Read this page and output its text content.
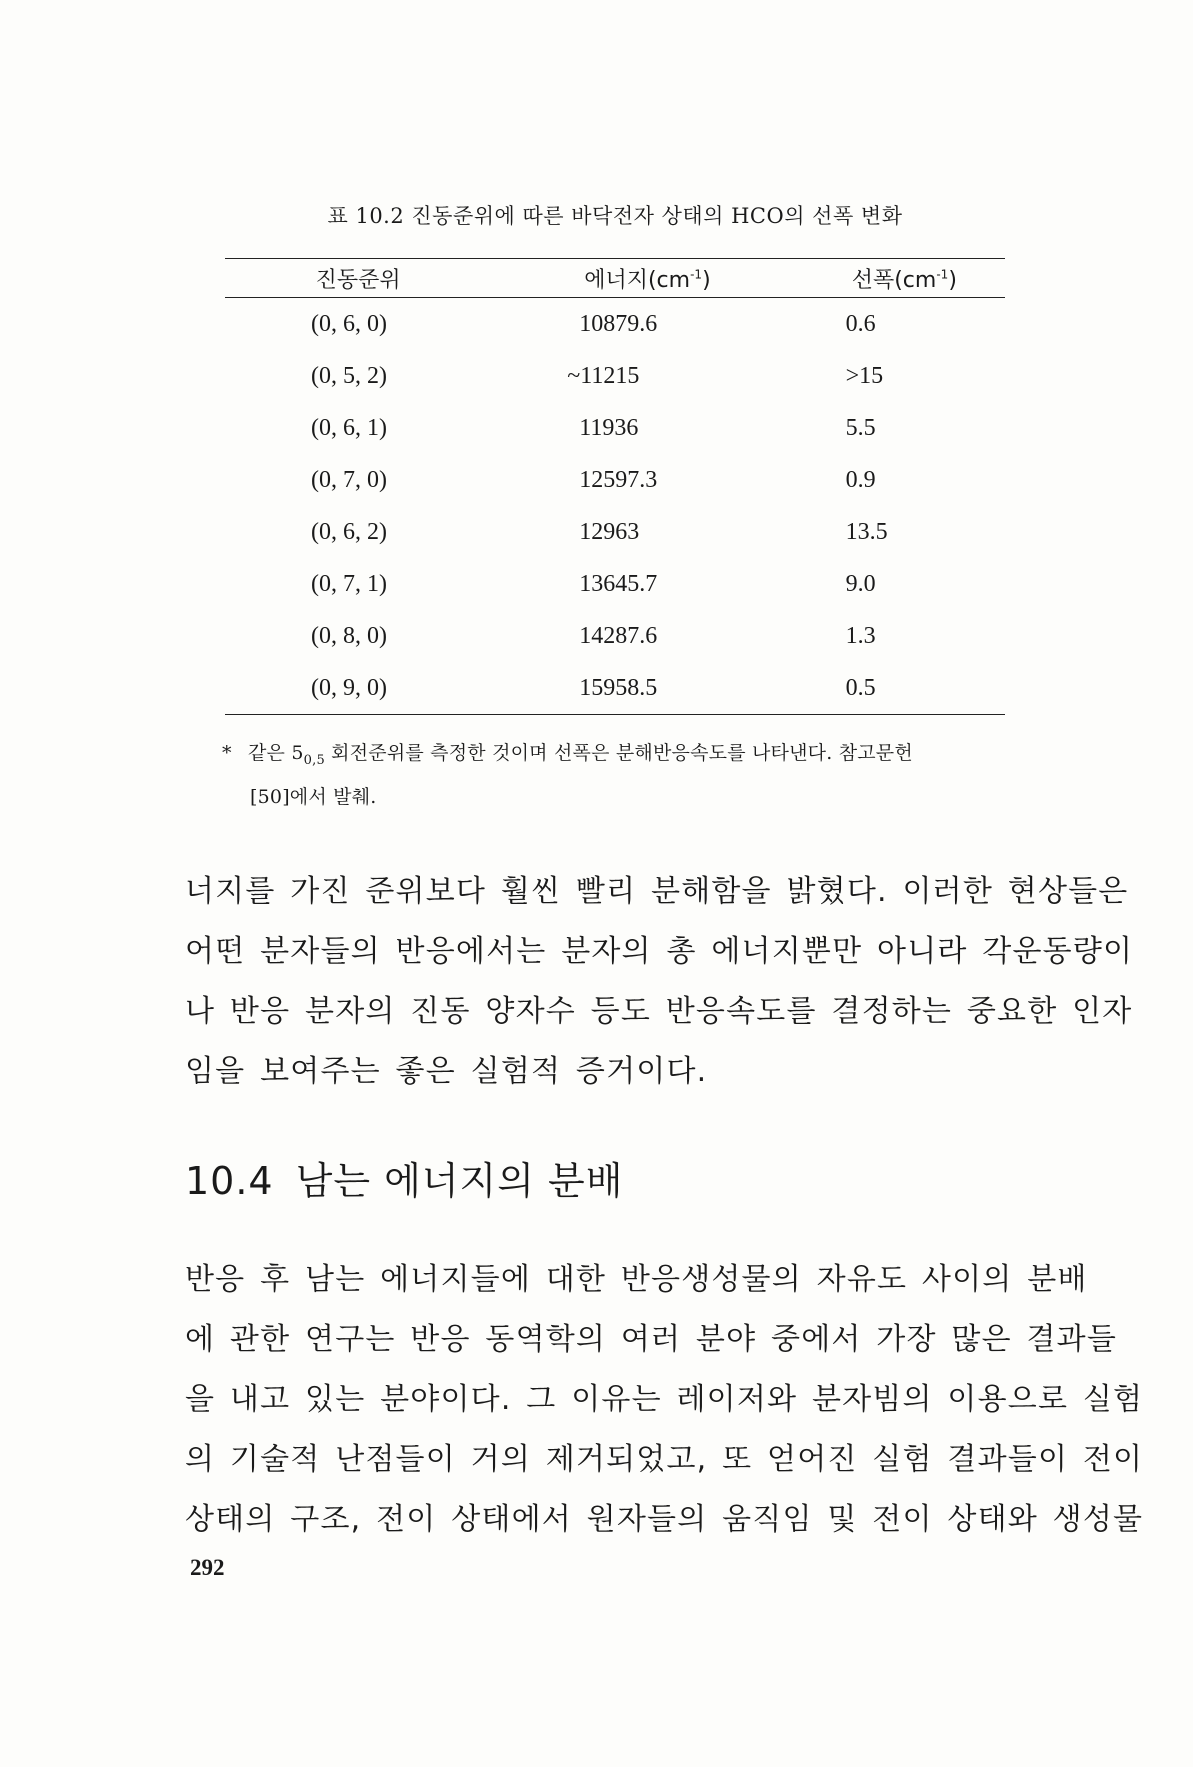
표 10.2 진동준위에 따른 바닥전자 상태의 HCO의 선폭 변화
진동준위	에너지$(cm^{-1})$	선폭$(cm^{-1})$
(0, 6, 0)	10879.6	0.6
(0, 5, 2)	~11215	>15
(0, 6, 1)	11936	5.5
(0, 7, 0)	12597.3	0.9
(0, 6, 2)	12963	13.5
(0, 7, 1)	13645.7	9.0
(0, 8, 0)	14287.6	1.3
(0, 9, 0)	15958.5	0.5
* 같은 $5_{0,5}$ 회전준위를 측정한 것이며 선폭은 분해반응속도를 나타낸다. 참고문헌
[50]에서 발췌.
너지를 가진 준위보다 훨씬 빨리 분해함을 밝혔다. 이러한 현상들은
어떤 분자들의 반응에서는 분자의 총 에너지뿐만 아니라 각운동량이
나 반응 분자의 진동 양자수 등도 반응속도를 결정하는 중요한 인자
임을 보여주는 좋은 실험적 증거이다.
10.4 남는 에너지의 분배
반응 후 남는 에너지들에 대한 반응생성물의 자유도 사이의 분배
에 관한 연구는 반응 동역학의 여러 분야 중에서 가장 많은 결과들
을 내고 있는 분야이다. 그 이유는 레이저와 분자빔의 이용으로 실험
의 기술적 난점들이 거의 제거되었고, 또 얻어진 실험 결과들이 전이
상태의 구조, 전이 상태에서 원자들의 움직임 및 전이 상태와 생성물
292
